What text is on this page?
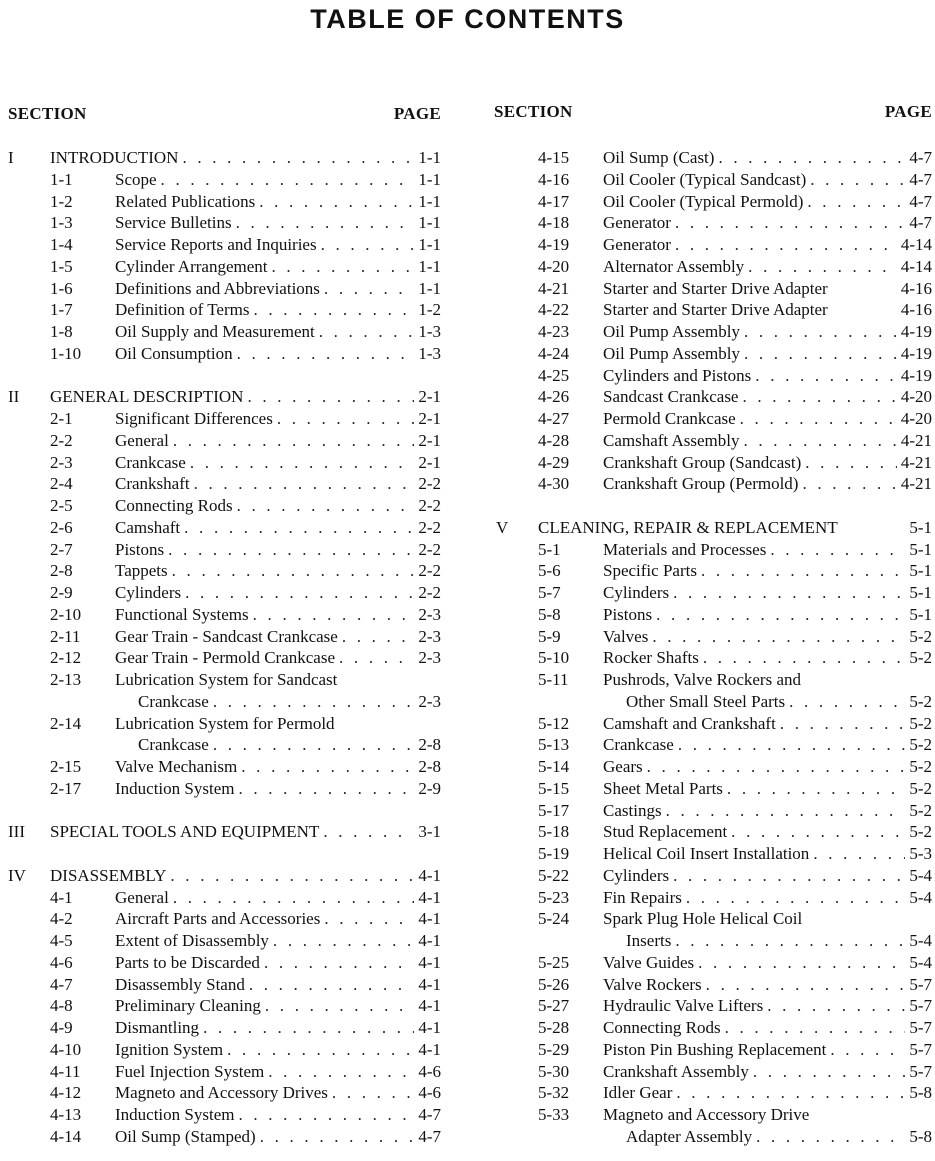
TABLE OF CONTENTS
SECTION	PAGE	SECTION	PAGE
I INTRODUCTION . . .	1-1
1-1 Scope . . .	1-1
1-2 Related Publications . . .	1-1
1-3 Service Bulletins . . .	1-1
1-4 Service Reports and Inquiries . . .	1-1
1-5 Cylinder Arrangement . . .	1-1
1-6 Definitions and Abbreviations . . .	1-1
1-7 Definition of Terms . . .	1-2
1-8 Oil Supply and Measurement . . .	1-3
1-10 Oil Consumption . . .	1-3
II GENERAL DESCRIPTION . . .	2-1
2-1 Significant Differences . . .	2-1
2-2 General . . .	2-1
2-3 Crankcase . . .	2-1
2-4 Crankshaft . . .	2-2
2-5 Connecting Rods . . .	2-2
2-6 Camshaft . . .	2-2
2-7 Pistons . . .	2-2
2-8 Tappets . . .	2-2
2-9 Cylinders . . .	2-2
2-10 Functional Systems . . .	2-3
2-11 Gear Train - Sandcast Crankcase . . .	2-3
2-12 Gear Train - Permold Crankcase . . .	2-3
2-13 Lubrication System for Sandcast
Crankcase . . .	2-3
2-14 Lubrication System for Permold
Crankcase . . .	2-8
2-15 Valve Mechanism . . .	2-8
2-17 Induction System . . .	2-9
III SPECIAL TOOLS AND EQUIPMENT . . .	3-1
IV DISASSEMBLY . . .	4-1
4-1 General . . .	4-1
4-2 Aircraft Parts and Accessories . . .	4-1
4-5 Extent of Disassembly . . .	4-1
4-6 Parts to be Discarded . . .	4-1
4-7 Disassembly Stand . . .	4-1
4-8 Preliminary Cleaning . . .	4-1
4-9 Dismantling . . .	4-1
4-10 Ignition System . . .	4-1
4-11 Fuel Injection System . . .	4-6
4-12 Magneto and Accessory Drives . . .	4-6
4-13 Induction System . . .	4-7
4-14 Oil Sump (Stamped) . . .	4-7
4-15 Oil Sump (Cast) . . .	4-7
4-16 Oil Cooler (Typical Sandcast) . . .	4-7
4-17 Oil Cooler (Typical Permold) . . .	4-7
4-18 Generator . . .	4-7
4-19 Generator . . .	4-14
4-20 Alternator Assembly . . .	4-14
4-21 Starter and Starter Drive Adapter	4-16
4-22 Starter and Starter Drive Adapter	4-16
4-23 Oil Pump Assembly . . .	4-19
4-24 Oil Pump Assembly . . .	4-19
4-25 Cylinders and Pistons . . .	4-19
4-26 Sandcast Crankcase . . .	4-20
4-27 Permold Crankcase . . .	4-20
4-28 Camshaft Assembly . . .	4-21
4-29 Crankshaft Group (Sandcast) . . .	4-21
4-30 Crankshaft Group (Permold) . . .	4-21
V CLEANING, REPAIR & REPLACEMENT	5-1
5-1 Materials and Processes . . .	5-1
5-6 Specific Parts . . .	5-1
5-7 Cylinders . . .	5-1
5-8 Pistons . . .	5-1
5-9 Valves . . .	5-2
5-10 Rocker Shafts . . .	5-2
5-11 Pushrods, Valve Rockers and
Other Small Steel Parts . . .	5-2
5-12 Camshaft and Crankshaft . . .	5-2
5-13 Crankcase . . .	5-2
5-14 Gears . . .	5-2
5-15 Sheet Metal Parts . . .	5-2
5-17 Castings . . .	5-2
5-18 Stud Replacement . . .	5-2
5-19 Helical Coil Insert Installation . . .	5-3
5-22 Cylinders . . .	5-4
5-23 Fin Repairs . . .	5-4
5-24 Spark Plug Hole Helical Coil
Inserts . . .	5-4
5-25 Valve Guides . . .	5-4
5-26 Valve Rockers . . .	5-7
5-27 Hydraulic Valve Lifters . . .	5-7
5-28 Connecting Rods . . .	5-7
5-29 Piston Pin Bushing Replacement . . .	5-7
5-30 Crankshaft Assembly . . .	5-7
5-32 Idler Gear . . .	5-8
5-33 Magneto and Accessory Drive
Adapter Assembly . . .	5-8
